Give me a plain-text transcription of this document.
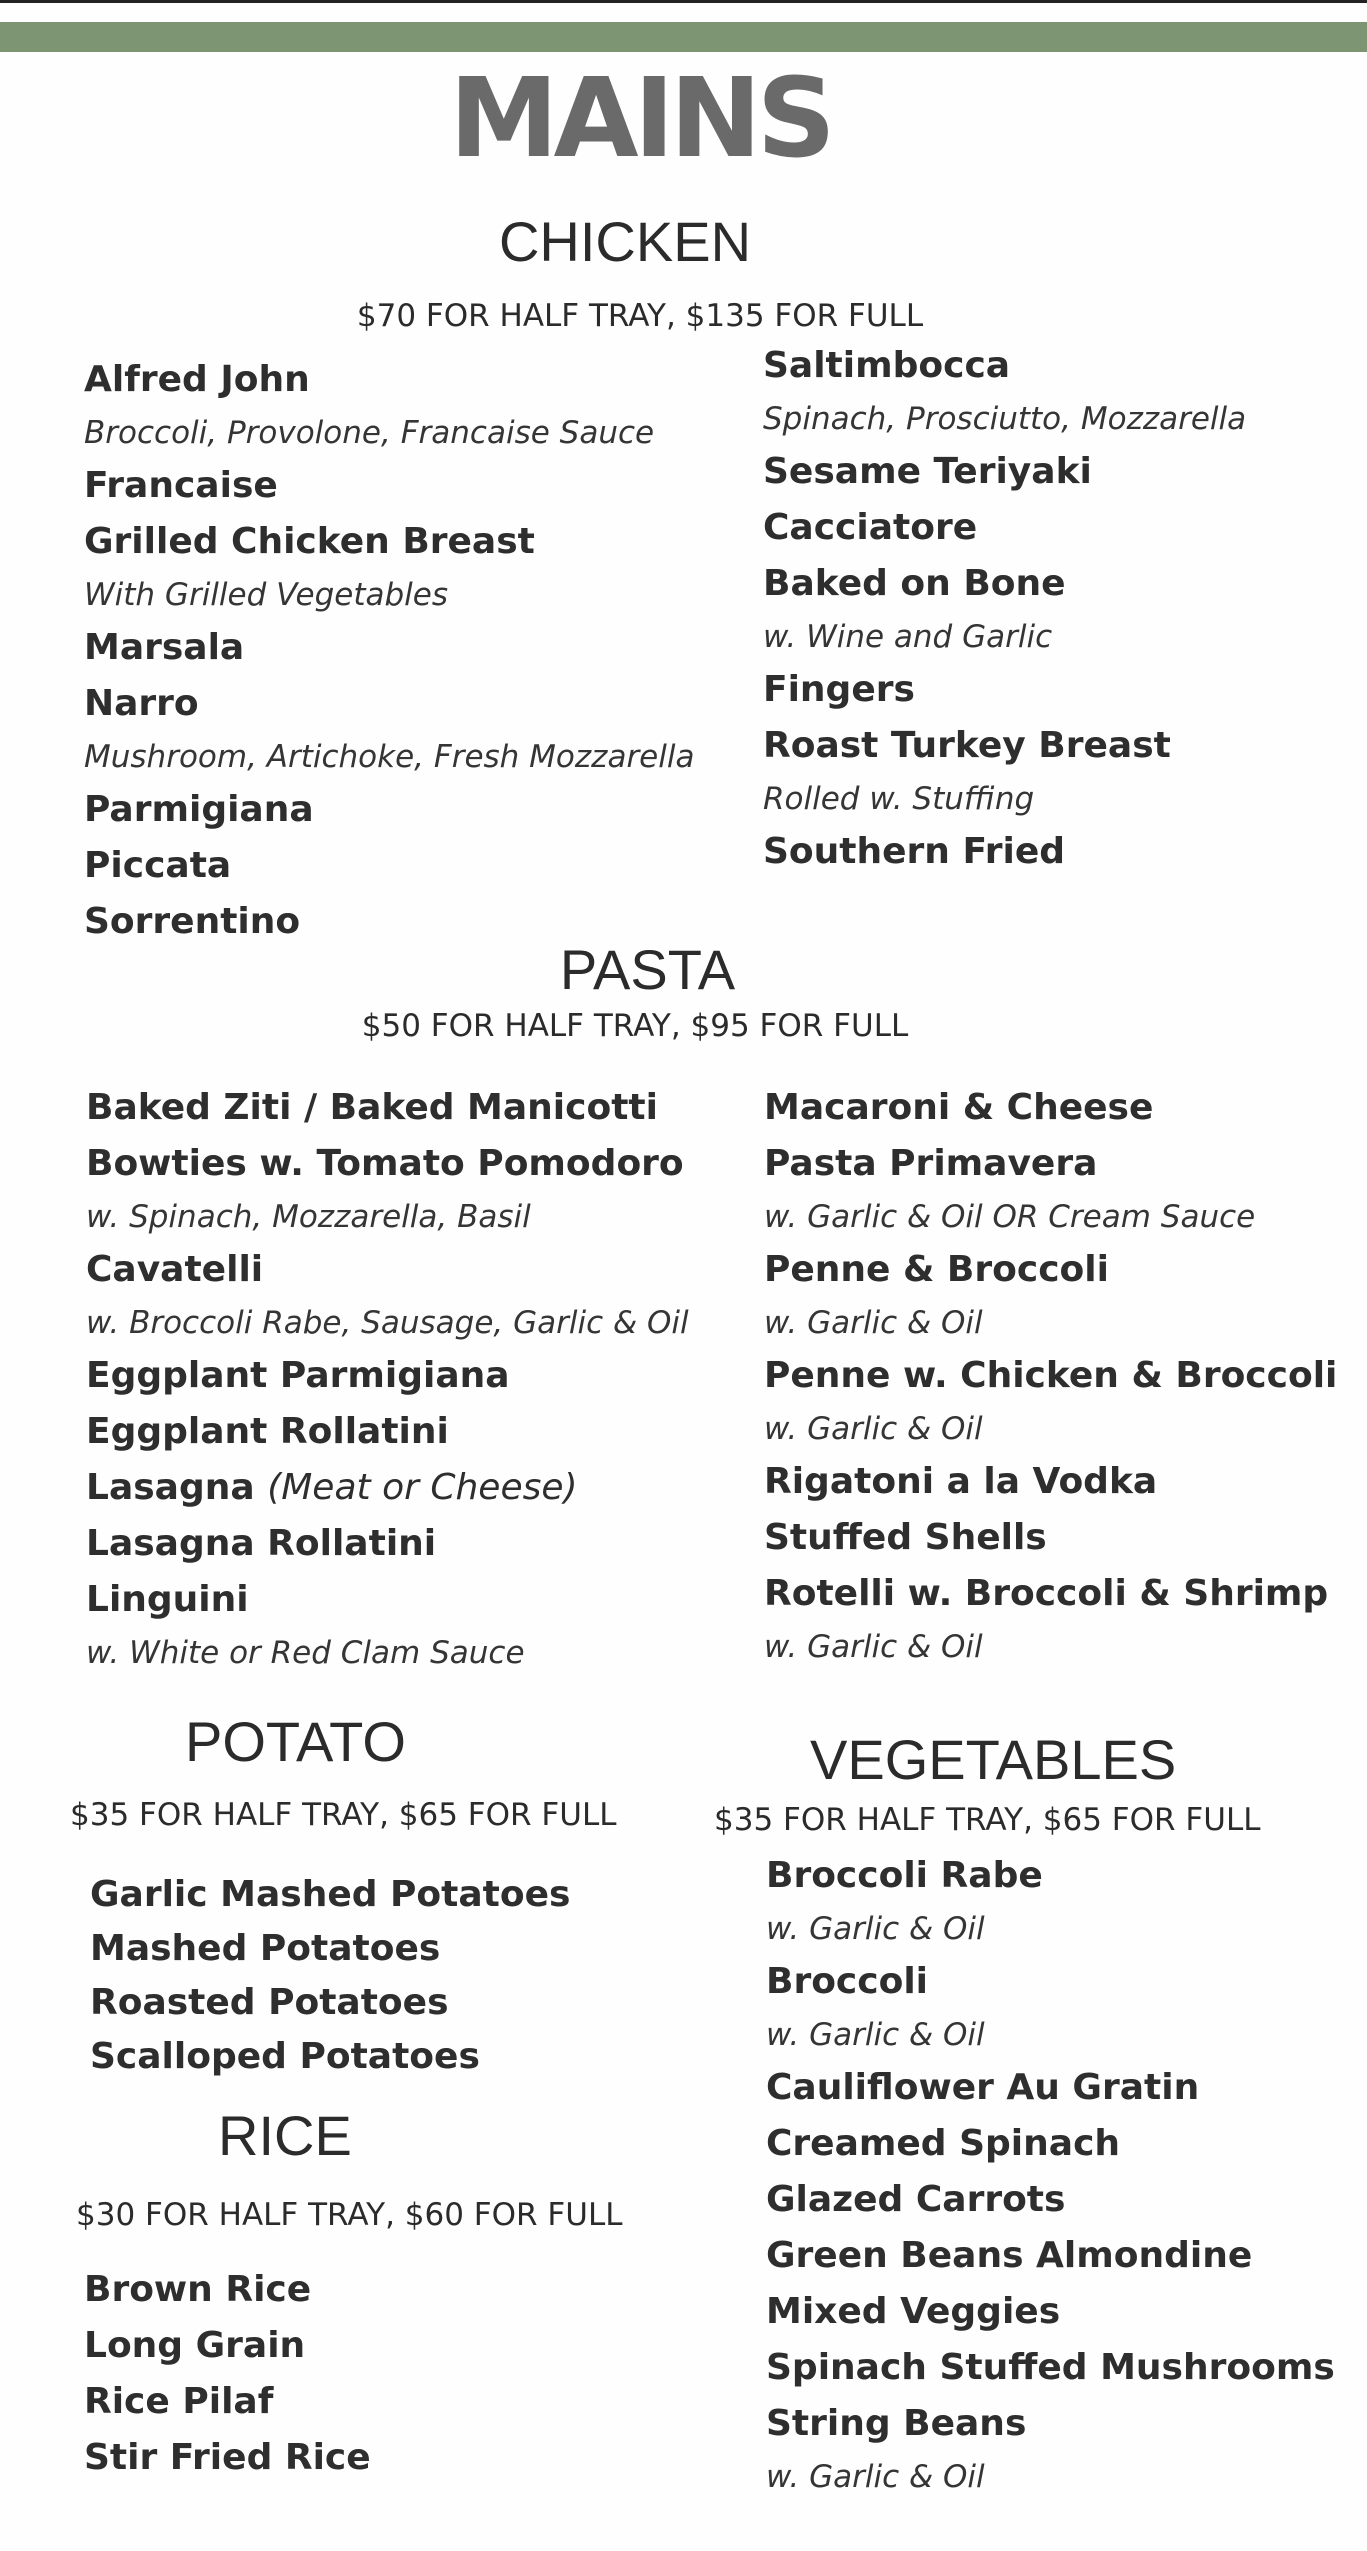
MAINS
CHICKEN
$70 FOR HALF TRAY, $135 FOR FULL
Alfred John
Broccoli, Provolone, Francaise Sauce
Francaise
Grilled Chicken Breast
With Grilled Vegetables
Marsala
Narro
Mushroom, Artichoke, Fresh Mozzarella
Parmigiana
Piccata
Sorrentino
Saltimbocca
Spinach, Prosciutto, Mozzarella
Sesame Teriyaki
Cacciatore
Baked on Bone
w. Wine and Garlic
Fingers
Roast Turkey Breast
Rolled w. Stuffing
Southern Fried
PASTA
$50 FOR HALF TRAY, $95 FOR FULL
Baked Ziti / Baked Manicotti
Bowties w. Tomato Pomodoro
w. Spinach, Mozzarella, Basil
Cavatelli
w. Broccoli Rabe, Sausage, Garlic & Oil
Eggplant Parmigiana
Eggplant Rollatini
Lasagna (Meat or Cheese)
Lasagna Rollatini
Linguini
w. White or Red Clam Sauce
Macaroni & Cheese
Pasta Primavera
w. Garlic & Oil OR Cream Sauce
Penne & Broccoli
w. Garlic & Oil
Penne w. Chicken & Broccoli
w. Garlic & Oil
Rigatoni a la Vodka
Stuffed Shells
Rotelli w. Broccoli & Shrimp
w. Garlic & Oil
POTATO
$35 FOR HALF TRAY, $65 FOR FULL
Garlic Mashed Potatoes
Mashed Potatoes
Roasted Potatoes
Scalloped Potatoes
RICE
$30 FOR HALF TRAY, $60 FOR FULL
Brown Rice
Long Grain
Rice Pilaf
Stir Fried Rice
VEGETABLES
$35 FOR HALF TRAY, $65 FOR FULL
Broccoli Rabe
w. Garlic & Oil
Broccoli
w. Garlic & Oil
Cauliflower Au Gratin
Creamed Spinach
Glazed Carrots
Green Beans Almondine
Mixed Veggies
Spinach Stuffed Mushrooms
String Beans
w. Garlic & Oil
